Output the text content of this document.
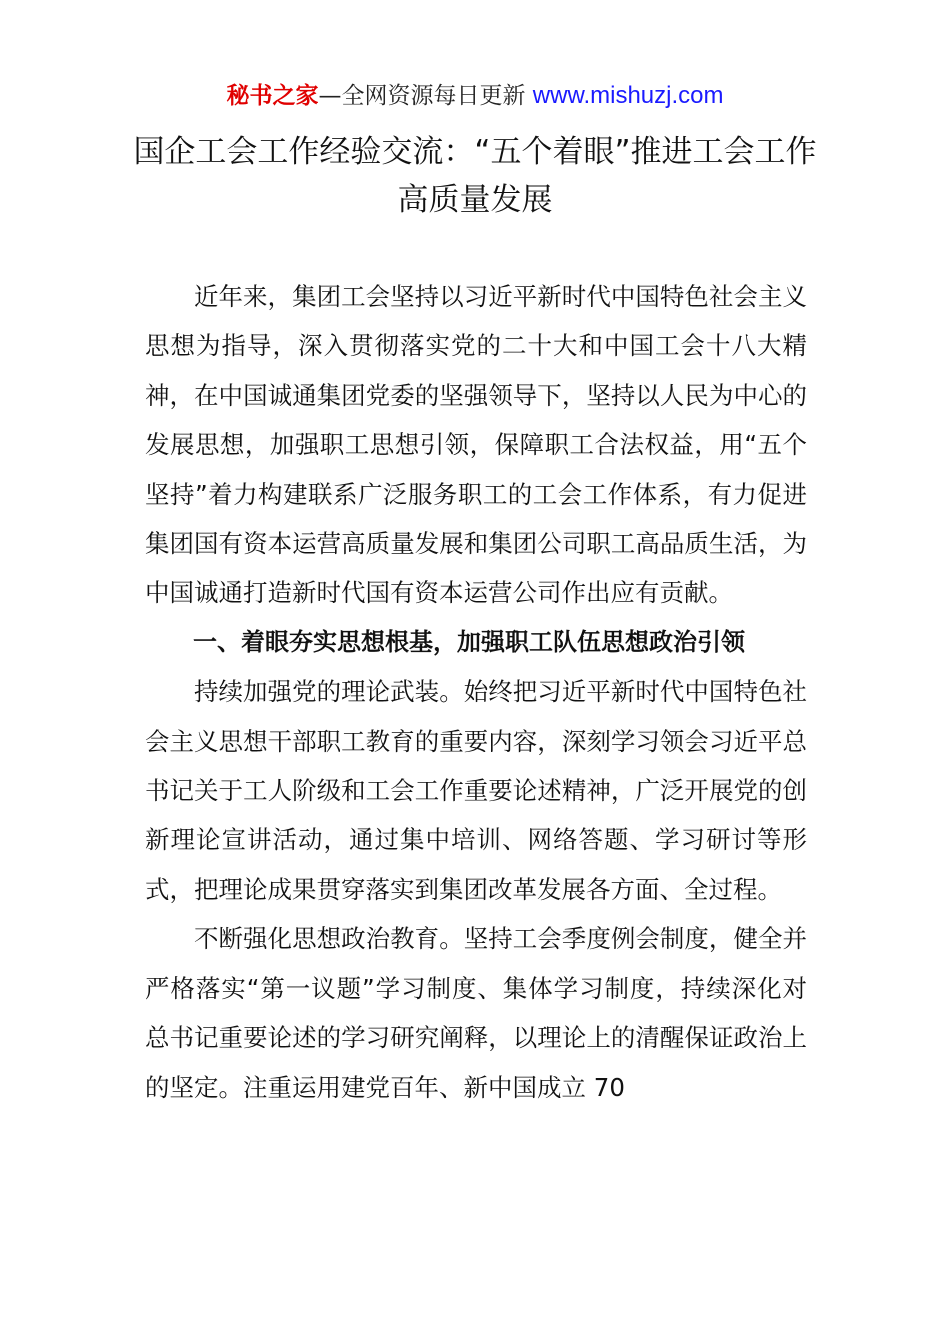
秘书之家—全网资源每日更新 www.mishuzj.com
国企工会工作经验交流：“五个着眼”推进工会工作高质量发展

近年来，集团工会坚持以习近平新时代中国特色社会主义思想为指导，深入贯彻落实党的二十大和中国工会十八大精神，在中国诚通集团党委的坚强领导下，坚持以人民为中心的发展思想，加强职工思想引领，保障职工合法权益，用“五个坚持”着力构建联系广泛服务职工的工会工作体系，有力促进集团国有资本运营高质量发展和集团公司职工高品质生活，为中国诚通打造新时代国有资本运营公司作出应有贡献。

一、着眼夯实思想根基，加强职工队伍思想政治引领

持续加强党的理论武装。始终把习近平新时代中国特色社会主义思想干部职工教育的重要内容，深刻学习领会习近平总书记关于工人阶级和工会工作重要论述精神，广泛开展党的创新理论宣讲活动，通过集中培训、网络答题、学习研讨等形式，把理论成果贯穿落实到集团改革发展各方面、全过程。

不断强化思想政治教育。坚持工会季度例会制度，健全并严格落实“第一议题”学习制度、集体学习制度，持续深化对总书记重要论述的学习研究阐释，以理论上的清醒保证政治上的坚定。注重运用建党百年、新中国成立 70
